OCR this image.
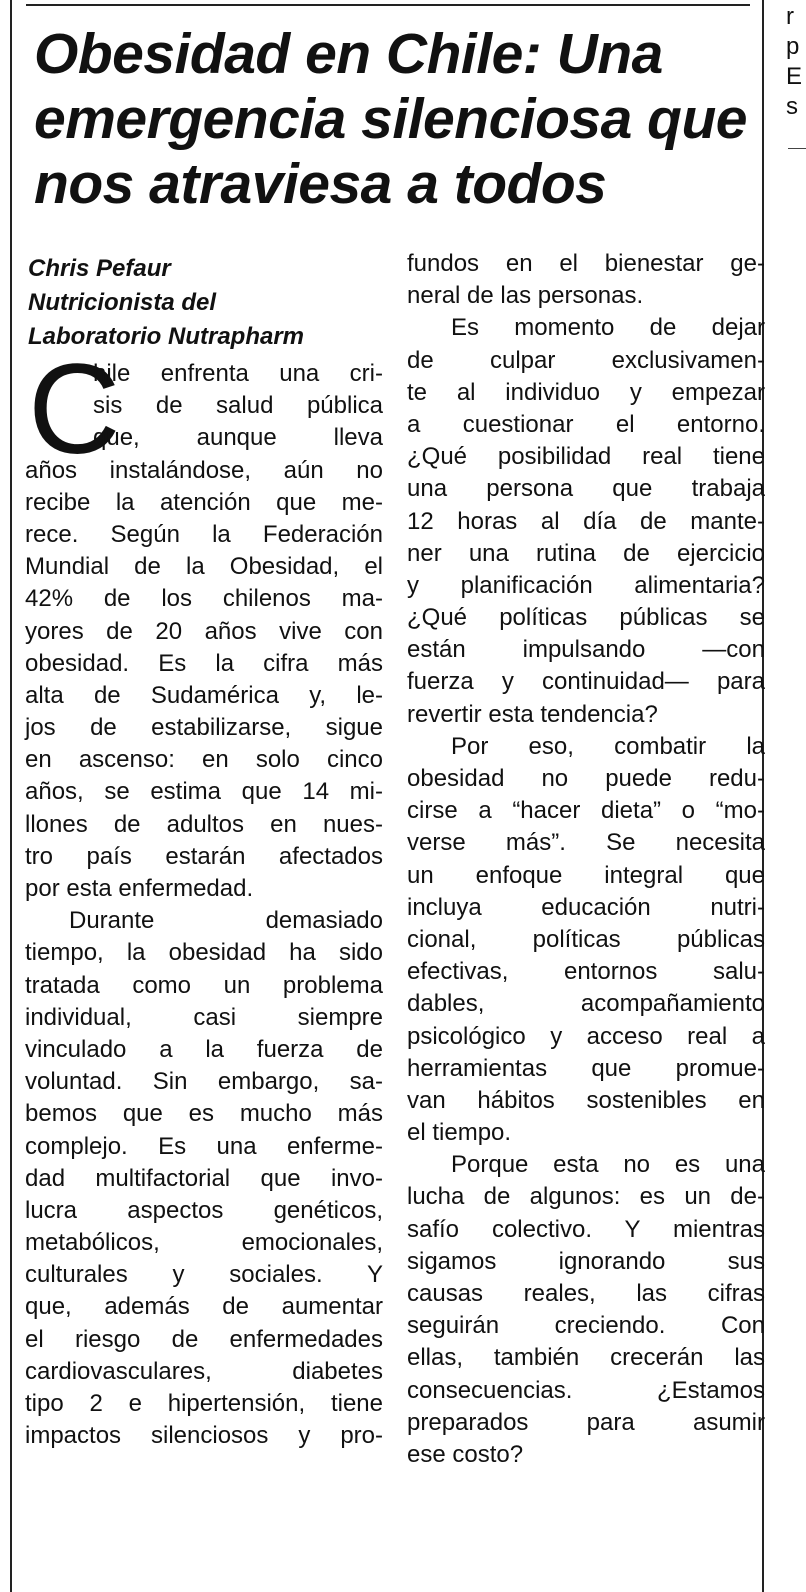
r
p
E
s
Obesidad en Chile: Una emergencia silenciosa que nos atraviesa a todos
Chris Pefaur
Nutricionista del
Laboratorio Nutrapharm
C
hile enfrenta una cri-
sis de salud pública
que, aunque lleva
años instalándose, aún no
recibe la atención que me-
rece. Según la Federación
Mundial de la Obesidad, el
42% de los chilenos ma-
yores de 20 años vive con
obesidad. Es la cifra más
alta de Sudamérica y, le-
jos de estabilizarse, sigue
en ascenso: en solo cinco
años, se estima que 14 mi-
llones de adultos en nues-
tro país estarán afectados
por esta enfermedad.
Durante demasiado
tiempo, la obesidad ha sido
tratada como un problema
individual, casi siempre
vinculado a la fuerza de
voluntad. Sin embargo, sa-
bemos que es mucho más
complejo. Es una enferme-
dad multifactorial que invo-
lucra aspectos genéticos,
metabólicos, emocionales,
culturales y sociales. Y
que, además de aumentar
el riesgo de enfermedades
cardiovasculares, diabetes
tipo 2 e hipertensión, tiene
impactos silenciosos y pro-
fundos en el bienestar ge-
neral de las personas.
Es momento de dejar
de culpar exclusivamen-
te al individuo y empezar
a cuestionar el entorno.
¿Qué posibilidad real tiene
una persona que trabaja
12 horas al día de mante-
ner una rutina de ejercicio
y planificación alimentaria?
¿Qué políticas públicas se
están impulsando —con
fuerza y continuidad— para
revertir esta tendencia?
Por eso, combatir la
obesidad no puede redu-
cirse a “hacer dieta” o “mo-
verse más”. Se necesita
un enfoque integral que
incluya educación nutri-
cional, políticas públicas
efectivas, entornos salu-
dables, acompañamiento
psicológico y acceso real a
herramientas que promue-
van hábitos sostenibles en
el tiempo.
Porque esta no es una
lucha de algunos: es un de-
safío colectivo. Y mientras
sigamos ignorando sus
causas reales, las cifras
seguirán creciendo. Con
ellas, también crecerán las
consecuencias. ¿Estamos
preparados para asumir
ese costo?
